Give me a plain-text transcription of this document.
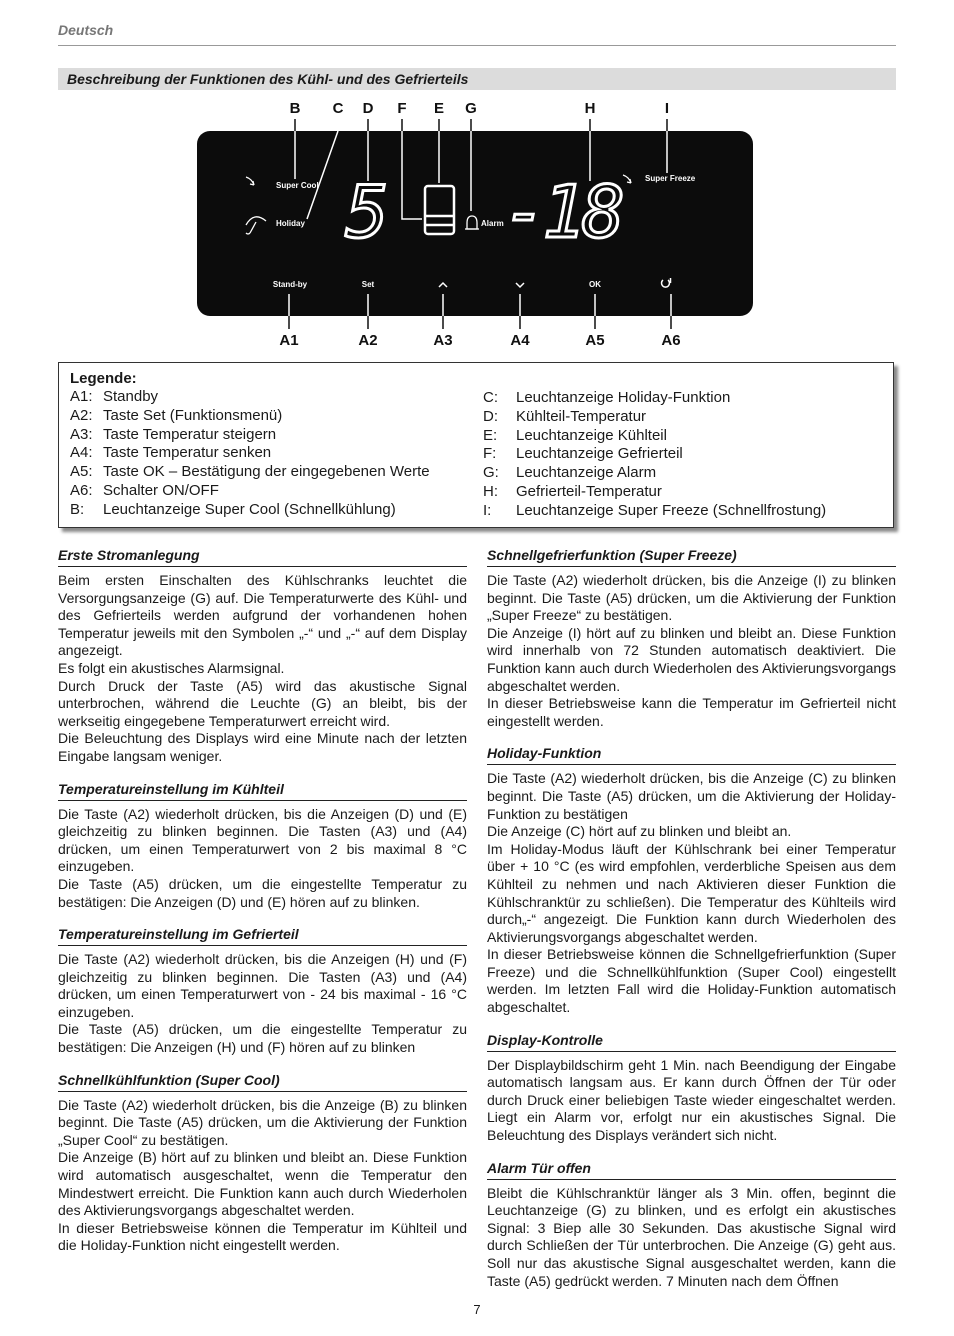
Deutsch
Beschreibung der Funktionen des Kühl- und des Gefrierteils
B C D F E G	H	I
Super Cool
Holiday 5	Alarm -18	Super Freeze
Stand-by	Set	OK
A1	A2	A3	A4	A5	A6
Legende:
A1: Standby
A2: Taste Set (Funktionsmenü)
A3: Taste Temperatur steigern
A4: Taste Temperatur senken
A5: Taste OK – Bestätigung der eingegebenen Werte
A6: Schalter ON/OFF
B: Leuchtanzeige Super Cool (Schnellkühlung)
C: Leuchtanzeige Holiday-Funktion
D: Kühlteil-Temperatur
E: Leuchtanzeige Kühlteil
F: Leuchtanzeige Gefrierteil
G: Leuchtanzeige Alarm
H: Gefrierteil-Temperatur
I: Leuchtanzeige Super Freeze (Schnellfrostung)
Erste Stromanlegung

Beim ersten Einschalten des Kühlschranks leuchtet die Versorgungsanzeige (G) auf. Die Temperaturwerte des Kühl- und des Gefrierteils werden aufgrund der vorhandenen hohen Temperatur jeweils mit den Symbolen „-“ und „-“ auf dem Display angezeigt.

Es folgt ein akustisches Alarmsignal.

Durch Druck der Taste (A5) wird das akustische Signal unterbrochen, während die Leuchte (G) an bleibt, bis der werkseitig eingegebene Temperaturwert erreicht wird.

Die Beleuchtung des Displays wird eine Minute nach der letzten Eingabe langsam weniger.

Temperatureinstellung im Kühlteil

Die Taste (A2) wiederholt drücken, bis die Anzeigen (D) und (E) gleichzeitig zu blinken beginnen. Die Tasten (A3) und (A4) drücken, um einen Temperaturwert von 2 bis maximal 8 °C einzugeben.

Die Taste (A5) drücken, um die eingestellte Temperatur zu bestätigen: Die Anzeigen (D) und (E) hören auf zu blinken.

Temperatureinstellung im Gefrierteil

Die Taste (A2) wiederholt drücken, bis die Anzeigen (H) und (F) gleichzeitig zu blinken beginnen. Die Tasten (A3) und (A4) drücken, um einen Temperaturwert von - 24 bis maximal - 16 °C einzugeben.

Die Taste (A5) drücken, um die eingestellte Temperatur zu bestätigen: Die Anzeigen (H) und (F) hören auf zu blinken

Schnellkühlfunktion (Super Cool)

Die Taste (A2) wiederholt drücken, bis die Anzeige (B) zu blinken beginnt. Die Taste (A5) drücken, um die Aktivierung der Funktion „Super Cool“ zu bestätigen.

Die Anzeige (B) hört auf zu blinken und bleibt an. Diese Funktion wird automatisch ausgeschaltet, wenn die Temperatur den Mindestwert erreicht. Die Funktion kann auch durch Wiederholen des Aktivierungsvorgangs abgeschaltet werden.

In dieser Betriebsweise können die Temperatur im Kühlteil und die Holiday-Funktion nicht eingestellt werden.

Schnellgefrierfunktion (Super Freeze)

Die Taste (A2) wiederholt drücken, bis die Anzeige (I) zu blinken beginnt. Die Taste (A5) drücken, um die Aktivierung der Funktion „Super Freeze“ zu bestätigen.

Die Anzeige (I) hört auf zu blinken und bleibt an. Diese Funktion wird innerhalb von 72 Stunden automatisch deaktiviert. Die Funktion kann auch durch Wiederholen des Aktivierungsvorgangs abgeschaltet werden.

In dieser Betriebsweise kann die Temperatur im Gefrierteil nicht eingestellt werden.

Holiday-Funktion

Die Taste (A2) wiederholt drücken, bis die Anzeige (C) zu blinken beginnt. Die Taste (A5) drücken, um die Aktivierung der Holiday-Funktion zu bestätigen

Die Anzeige (C) hört auf zu blinken und bleibt an.

Im Holiday-Modus läuft der Kühlschrank bei einer Temperatur über + 10 °C (es wird empfohlen, verderbliche Speisen aus dem Kühlteil zu nehmen und nach Aktivieren dieser Funktion die Kühlschranktür zu schließen). Die Temperatur des Kühlteils wird durch„-“ angezeigt. Die Funktion kann durch Wiederholen des Aktivierungsvorgangs abgeschaltet werden.

In dieser Betriebsweise können die Schnellgefrierfunktion (Super Freeze) und die Schnellkühlfunktion (Super Cool) eingestellt werden. Im letzten Fall wird die Holiday-Funktion automatisch abgeschaltet.

Display-Kontrolle

Der Displaybildschirm geht 1 Min. nach Beendigung der Eingabe automatisch langsam aus. Er kann durch Öffnen der Tür oder durch Druck einer beliebigen Taste wieder eingeschaltet werden. Liegt ein Alarm vor, erfolgt nur ein akustisches Signal. Die Beleuchtung des Displays verändert sich nicht.

Alarm Tür offen

Bleibt die Kühlschranktür länger als 3 Min. offen, beginnt die Leuchtanzeige (G) zu blinken, und es erfolgt ein akustisches Signal: 3 Biep alle 30 Sekunden. Das akustische Signal wird durch Schließen der Tür unterbrochen. Die Anzeige (G) geht aus. Soll nur das akustische Signal ausgeschaltet werden, kann die Taste (A5) gedrückt werden. 7 Minuten nach dem Öffnen

7
